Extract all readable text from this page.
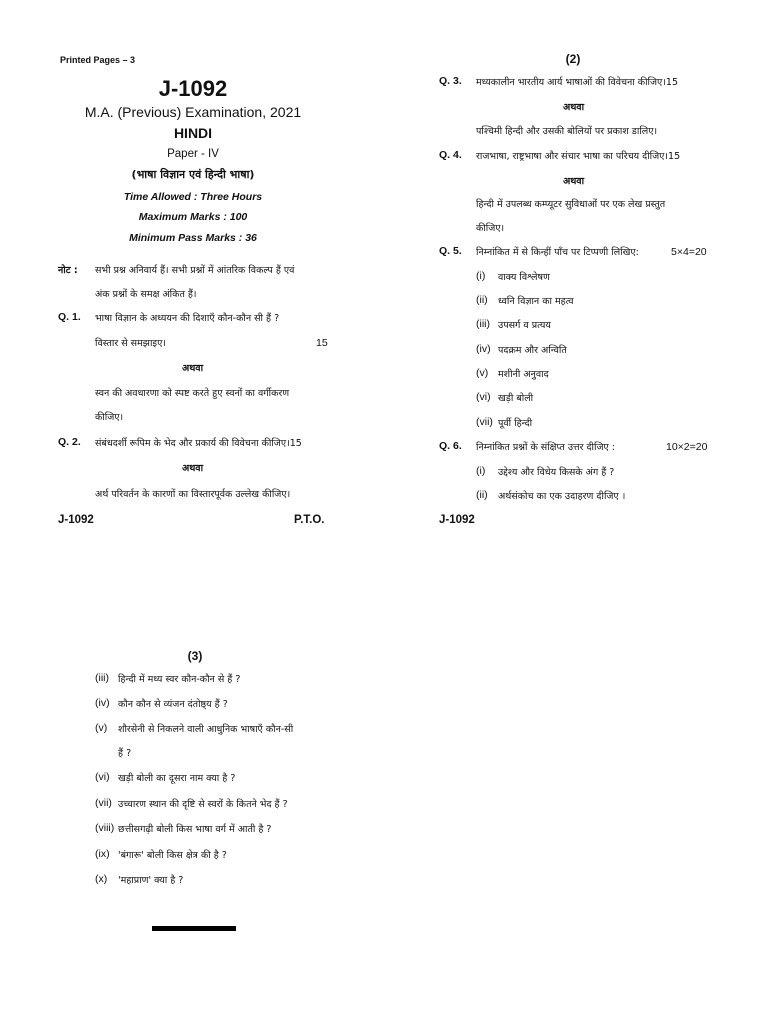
Printed Pages – 3
J-1092
M.A. (Previous) Examination, 2021
HINDI
Paper - IV
(भाषा विज्ञान एवं हिन्दी भाषा)
Time Allowed : Three Hours
Maximum Marks : 100
Minimum Pass Marks : 36
नोट : सभी प्रश्न अनिवार्य हैं। सभी प्रश्नों में आंतरिक विकल्प हैं एवं
अंक प्रश्नों के समक्ष अंकित हैं।
Q. 1. भाषा विज्ञान के अध्ययन की दिशाएँ कौन-कौन सी हैं ?
विस्तार से समझाइए।	15
अथवा
स्वन की अवधारणा को स्पष्ट करते हुए स्वनों का वर्गीकरण
कीजिए।
Q. 2. संबंधदर्शी रूपिम के भेद और प्रकार्य की विवेचना कीजिए।15
अथवा
अर्थ परिवर्तन के कारणों का विस्तारपूर्वक उल्लेख कीजिए।
J-1092	P.T.O.
(2)
Q. 3. मध्यकालीन भारतीय आर्य भाषाओं की विवेचना कीजिए।15
अथवा
पश्चिमी हिन्दी और उसकी बोलियों पर प्रकाश डालिए।
Q. 4. राजभाषा, राष्ट्रभाषा और संचार भाषा का परिचय दीजिए।15
अथवा
हिन्दी में उपलब्ध कम्प्यूटर सुविधाओं पर एक लेख प्रस्तुत
कीजिए।
Q. 5. निम्नांकित में से किन्हीं पाँच पर टिप्पणी लिखिए:	5×4=20
(i) वाक्य विश्लेषण
(ii) ध्वनि विज्ञान का महत्व
(iii) उपसर्ग व प्रत्यय
(iv) पदक्रम और अन्विति
(v) मशीनी अनुवाद
(vi) खड़ी बोली
(vii) पूर्वी हिन्दी
Q. 6. निम्नांकित प्रश्नों के संक्षिप्त उत्तर दीजिए :	10×2=20
(i) उद्देश्य और विधेय किसके अंग हैं ?
(ii) अर्थसंकोच का एक उदाहरण दीजिए ।
J-1092
(3)
(iii) हिन्दी में मध्य स्वर कौन-कौन से हैं ?
(iv) कौन कौन से व्यंजन दंतोष्ठ्य हैं ?
(v) शौरसेनी से निकलने वाली आधुनिक भाषाएँ कौन-सी
हैं ?
(vi) खड़ी बोली का दूसरा नाम क्या है ?
(vii) उच्चारण स्थान की दृष्टि से स्वरों के कितने भेद हैं ?
(viii) छत्तीसगढ़ी बोली किस भाषा वर्ग में आती है ?
(ix) 'बंगारू' बोली किस क्षेत्र की है ?
(x) 'महाप्राण' क्या है ?
